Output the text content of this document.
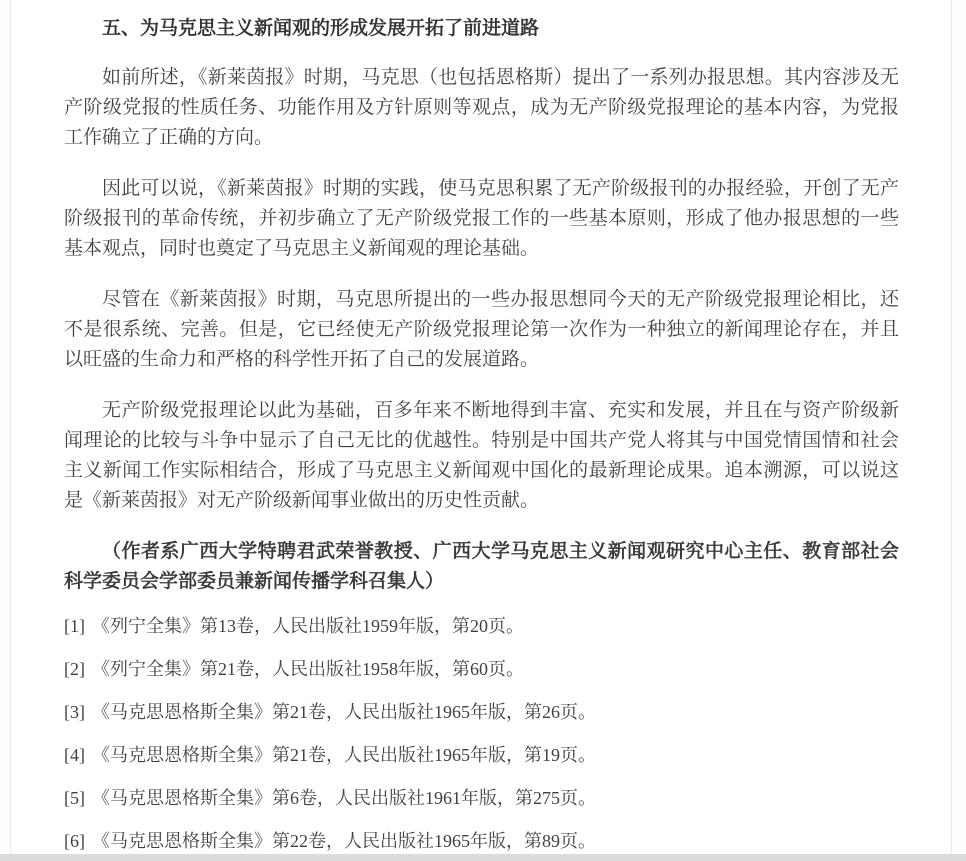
五、为马克思主义新闻观的形成发展开拓了前进道路

如前所述，《新莱茵报》时期，马克思（也包括恩格斯）提出了一系列办报思想。其内容涉及无产阶级党报的性质任务、功能作用及方针原则等观点，成为无产阶级党报理论的基本内容，为党报工作确立了正确的方向。

因此可以说，《新莱茵报》时期的实践，使马克思积累了无产阶级报刊的办报经验，开创了无产阶级报刊的革命传统，并初步确立了无产阶级党报工作的一些基本原则，形成了他办报思想的一些基本观点，同时也奠定了马克思主义新闻观的理论基础。

尽管在《新莱茵报》时期，马克思所提出的一些办报思想同今天的无产阶级党报理论相比，还不是很系统、完善。但是，它已经使无产阶级党报理论第一次作为一种独立的新闻理论存在，并且以旺盛的生命力和严格的科学性开拓了自己的发展道路。

无产阶级党报理论以此为基础，百多年来不断地得到丰富、充实和发展，并且在与资产阶级新闻理论的比较与斗争中显示了自己无比的优越性。特别是中国共产党人将其与中国党情国情和社会主义新闻工作实际相结合，形成了马克思主义新闻观中国化的最新理论成果。追本溯源，可以说这是《新莱茵报》对无产阶级新闻事业做出的历史性贡献。

（作者系广西大学特聘君武荣誉教授、广西大学马克思主义新闻观研究中心主任、教育部社会科学委员会学部委员兼新闻传播学科召集人）

[1] 《列宁全集》第13卷，人民出版社1959年版，第20页。
[2] 《列宁全集》第21卷，人民出版社1958年版，第60页。
[3] 《马克思恩格斯全集》第21卷，人民出版社1965年版，第26页。
[4] 《马克思恩格斯全集》第21卷，人民出版社1965年版，第19页。
[5] 《马克思恩格斯全集》第6卷，人民出版社1961年版，第275页。
[6] 《马克思恩格斯全集》第22卷，人民出版社1965年版，第89页。
